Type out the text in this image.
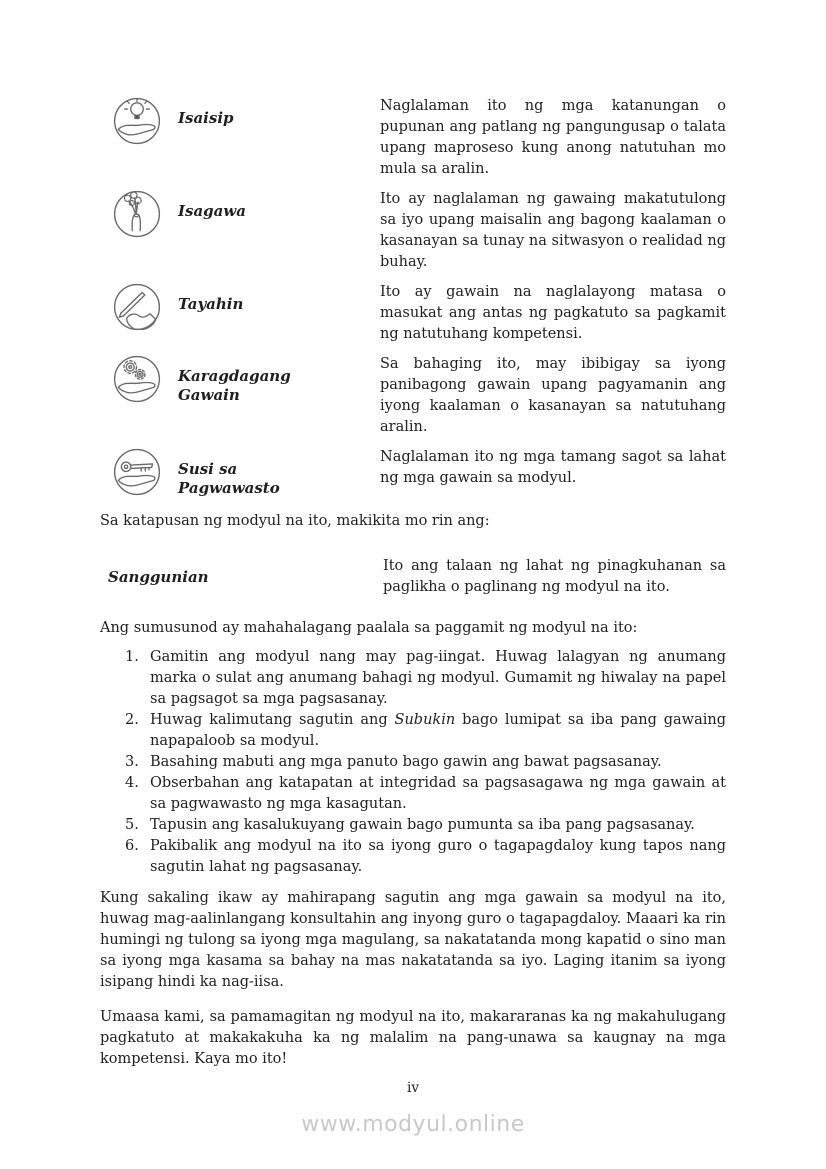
Isaisip
Naglalaman ito ng mga katanungan o pupunan ang patlang ng pangungusap o talata upang maproseso kung anong natutuhan mo mula sa aralin.
Isagawa
Ito ay naglalaman ng gawaing makatutulong sa iyo upang maisalin ang bagong kaalaman o kasanayan sa tunay na sitwasyon o realidad ng buhay.
Tayahin
Ito ay gawain na naglalayong matasa o masukat ang antas ng pagkatuto sa pagkamit ng natutuhang kompetensi.
Karagdagang Gawain
Sa bahaging ito, may ibibigay sa iyong panibagong gawain upang pagyamanin ang iyong kaalaman o kasanayan sa natutuhang aralin.
Susi sa Pagwawasto
Naglalaman ito ng mga tamang sagot sa lahat ng mga gawain sa modyul.

Sa katapusan ng modyul na ito, makikita mo rin ang:

Sanggunian
Ito ang talaan ng lahat ng pinagkuhanan sa paglikha o paglinang ng modyul na ito.

Ang sumusunod ay mahahalagang paalala sa paggamit ng modyul na ito:

1. Gamitin ang modyul nang may pag-iingat. Huwag lalagyan ng anumang marka o sulat ang anumang bahagi ng modyul. Gumamit ng hiwalay na papel sa pagsagot sa mga pagsasanay.
2. Huwag kalimutang sagutin ang Subukin bago lumipat sa iba pang gawaing napapaloob sa modyul.
3. Basahing mabuti ang mga panuto bago gawin ang bawat pagsasanay.
4. Obserbahan ang katapatan at integridad sa pagsasagawa ng mga gawain at sa pagwawasto ng mga kasagutan.
5. Tapusin ang kasalukuyang gawain bago pumunta sa iba pang pagsasanay.
6. Pakibalik ang modyul na ito sa iyong guro o tagapagdaloy kung tapos nang sagutin lahat ng pagsasanay.

Kung sakaling ikaw ay mahirapang sagutin ang mga gawain sa modyul na ito, huwag mag-aalinlangang konsultahin ang inyong guro o tagapagdaloy. Maaari ka rin humingi ng tulong sa iyong mga magulang, sa nakatatanda mong kapatid o sino man sa iyong mga kasama sa bahay na mas nakatatanda sa iyo. Laging itanim sa iyong isipang hindi ka nag-iisa.

Umaasa kami, sa pamamagitan ng modyul na ito, makararanas ka ng makahulugang pagkatuto at makakakuha ka ng malalim na pang-unawa sa kaugnay na mga kompetensi. Kaya mo ito!

iv
www.modyul.online
